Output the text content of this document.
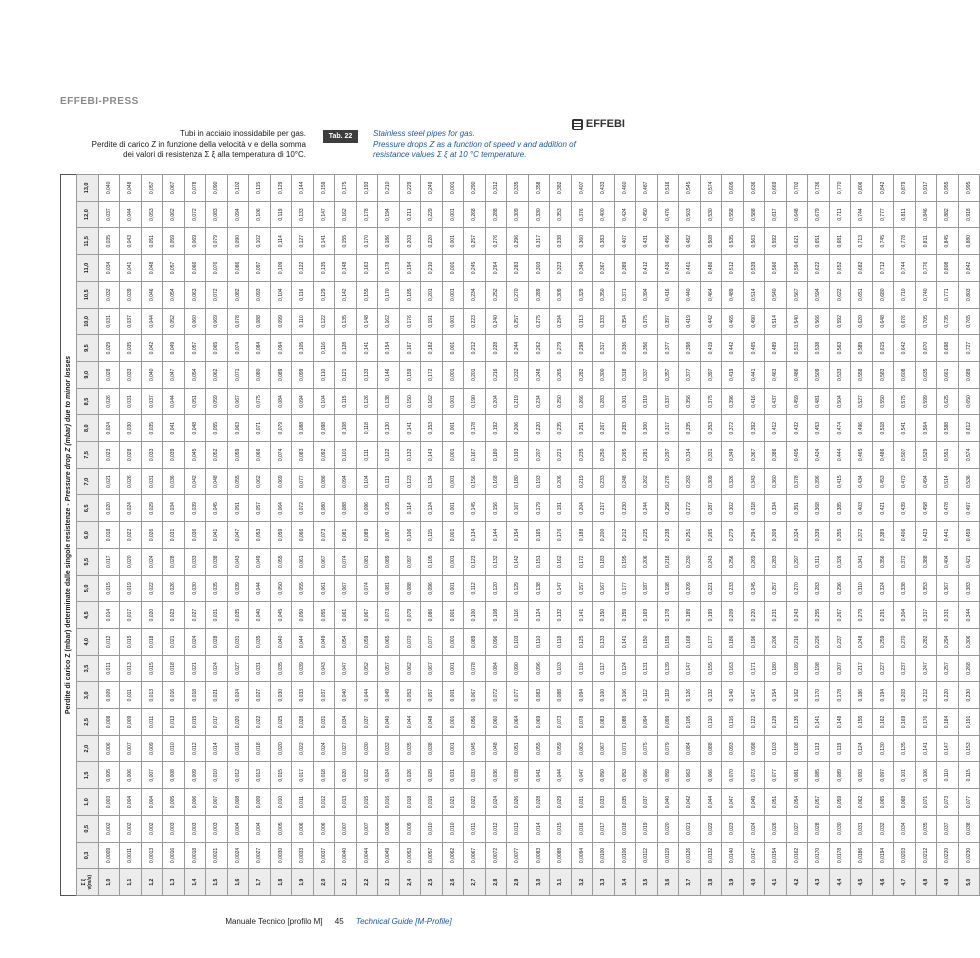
EFFEBI-PRESS
EFFEBI
Tubi in acciaio inossidabile per gas.
Perdite di carico Z in funzione della velocità v e della somma
dei valori di resistenza Σ ξ alla temperatura di 10°C.
Tab. 22	Stainless steel pipes for gas.
Pressure drops Z as a function of speed v and addition of
resistance values Σ ξ at 10 °C temperature.
Perdite di carico Z (mbar) determinate dalle singole resistenze - Pressure drop Z (mbar) due to minor losses
Σ ξ v(m/s)	0,3	0,5	1,0	1,5	2,0	2,5	3,0	3,5	4,0	4,5	5,0	5,5	6,0	6,5	7,0	7,5	8,0	8,5	9,0	9,5	10,0	10,5	11,0	11,5	12,0	13,0
1,0	0,0009	0,002	0,003	0,005	0,006	0,008	0,009	0,011	0,012	0,014	0,015	0,017	0,018	0,020	0,021	0,023	0,024	0,026	0,028	0,029	0,031	0,032	0,034	0,035	0,037	0,040
1,1	0,0011	0,002	0,004	0,006	0,007	0,009	0,011	0,013	0,015	0,017	0,019	0,020	0,022	0,024	0,026	0,028	0,030	0,031	0,033	0,035	0,037	0,039	0,041	0,043	0,044	0,048
1,2	0,0013	0,002	0,004	0,007	0,009	0,011	0,013	0,015	0,018	0,020	0,022	0,024	0,026	0,029	0,031	0,033	0,035	0,037	0,040	0,042	0,044	0,046	0,048	0,051	0,053	0,057
1,3	0,0016	0,003	0,005	0,008	0,010	0,013	0,016	0,018	0,021	0,023	0,026	0,028	0,031	0,034	0,036	0,039	0,041	0,044	0,047	0,049	0,052	0,054	0,057	0,059	0,062	0,067
1,4	0,0018	0,003	0,006	0,009	0,012	0,015	0,018	0,021	0,024	0,027	0,030	0,033	0,036	0,039	0,042	0,045	0,048	0,051	0,054	0,057	0,060	0,063	0,066	0,069	0,072	0,078
1,5	0,0021	0,003	0,007	0,010	0,014	0,017	0,021	0,024	0,028	0,031	0,035	0,038	0,041	0,045	0,048	0,052	0,055	0,059	0,062	0,065	0,069	0,072	0,076	0,079	0,083	0,090
1,6	0,0024	0,004	0,008	0,012	0,016	0,020	0,024	0,027	0,031	0,035	0,039	0,043	0,047	0,051	0,055	0,059	0,063	0,067	0,071	0,074	0,078	0,082	0,086	0,090	0,094	0,102
1,7	0,0027	0,004	0,009	0,013	0,018	0,022	0,027	0,031	0,035	0,040	0,044	0,049	0,053	0,057	0,062	0,066	0,071	0,075	0,080	0,084	0,088	0,093	0,097	0,102	0,106	0,115
1,8	0,0030	0,005	0,010	0,015	0,020	0,025	0,030	0,035	0,040	0,045	0,050	0,055	0,059	0,064	0,069	0,074	0,079	0,084	0,089	0,094	0,099	0,104	0,109	0,114	0,119	0,129
1,9	0,0033	0,006	0,011	0,017	0,022	0,028	0,033	0,039	0,044	0,050	0,055	0,061	0,066	0,072	0,077	0,083	0,088	0,094	0,099	0,105	0,110	0,116	0,122	0,127	0,133	0,144
2,0	0,0037	0,006	0,012	0,018	0,024	0,031	0,037	0,043	0,049	0,055	0,061	0,067	0,073	0,080	0,086	0,092	0,098	0,104	0,110	0,116	0,122	0,129	0,135	0,141	0,147	0,159
2,1	0,0040	0,007	0,013	0,020	0,027	0,034	0,040	0,047	0,054	0,061	0,067	0,074	0,081	0,088	0,094	0,101	0,108	0,115	0,121	0,128	0,135	0,142	0,148	0,155	0,162	0,175
2,2	0,0044	0,007	0,015	0,022	0,030	0,037	0,044	0,052	0,059	0,067	0,074	0,081	0,089	0,096	0,104	0,111	0,118	0,126	0,133	0,141	0,148	0,155	0,163	0,170	0,178	0,193
2,3	0,0049	0,008	0,016	0,024	0,032	0,040	0,049	0,057	0,065	0,073	0,081	0,089	0,097	0,105	0,113	0,122	0,130	0,138	0,146	0,154	0,162	0,170	0,178	0,186	0,194	0,210
2,4	0,0053	0,009	0,018	0,026	0,035	0,044	0,053	0,062	0,070	0,079	0,088	0,097	0,106	0,114	0,123	0,132	0,141	0,150	0,159	0,167	0,176	0,185	0,194	0,203	0,211	0,229
2,5	0,0057	0,010	0,019	0,029	0,038	0,048	0,057	0,067	0,077	0,086	0,096	0,105	0,115	0,124	0,134	0,143	0,153	0,162	0,172	0,182	0,191	0,201	0,210	0,220	0,229	0,249
2,6	0,0062	0,010	0,021	0,031	0,001	0,001	0,001	0,001	0,001	0,001	0,001	0,001	0,001	0,001	0,001	0,001	0,001	0,001	0,001	0,001	0,001	0,001	0,001	0,001	0,001	0,001
2,7	0,0067	0,011	0,022	0,033	0,045	0,056	0,067	0,078	0,089	0,100	0,112	0,123	0,134	0,145	0,156	0,167	0,178	0,190	0,201	0,212	0,223	0,234	0,245	0,257	0,268	0,290
2,8	0,0072	0,012	0,024	0,036	0,048	0,060	0,072	0,084	0,096	0,108	0,120	0,132	0,144	0,156	0,168	0,180	0,192	0,204	0,216	0,228	0,240	0,252	0,264	0,276	0,288	0,312
2,9	0,0077	0,013	0,026	0,039	0,051	0,064	0,077	0,090	0,103	0,116	0,129	0,142	0,154	0,167	0,180	0,193	0,206	0,219	0,232	0,244	0,257	0,270	0,283	0,296	0,309	0,335
3,0	0,0083	0,014	0,028	0,041	0,055	0,069	0,083	0,096	0,110	0,124	0,138	0,151	0,165	0,179	0,193	0,207	0,220	0,234	0,248	0,262	0,275	0,289	0,303	0,317	0,330	0,358
3,1	0,0088	0,015	0,029	0,044	0,059	0,073	0,088	0,103	0,118	0,132	0,147	0,162	0,176	0,191	0,206	0,221	0,235	0,250	0,265	0,279	0,294	0,309	0,323	0,338	0,353	0,382
3,2	0,0094	0,016	0,031	0,047	0,063	0,078	0,094	0,110	0,125	0,141	0,157	0,172	0,188	0,204	0,219	0,235	0,251	0,266	0,282	0,298	0,313	0,329	0,345	0,360	0,376	0,407
3,3	0,0100	0,017	0,033	0,050	0,067	0,083	0,100	0,117	0,133	0,150	0,167	0,183	0,200	0,217	0,233	0,250	0,267	0,283	0,300	0,317	0,333	0,350	0,367	0,383	0,400	0,433
3,4	0,0106	0,018	0,035	0,053	0,071	0,088	0,106	0,124	0,141	0,159	0,177	0,195	0,212	0,230	0,248	0,265	0,283	0,301	0,318	0,336	0,354	0,371	0,389	0,407	0,424	0,460
3,5	0,0112	0,019	0,037	0,056	0,075	0,094	0,112	0,131	0,150	0,169	0,187	0,206	0,225	0,244	0,262	0,281	0,300	0,319	0,337	0,356	0,375	0,394	0,412	0,431	0,450	0,487
3,6	0,0119	0,020	0,040	0,059	0,079	0,099	0,119	0,139	0,159	0,178	0,198	0,218	0,238	0,258	0,278	0,297	0,317	0,337	0,357	0,377	0,397	0,416	0,436	0,456	0,476	0,516
3,7	0,0126	0,021	0,042	0,063	0,084	0,105	0,126	0,147	0,168	0,189	0,209	0,230	0,251	0,272	0,293	0,314	0,335	0,356	0,377	0,398	0,419	0,440	0,461	0,482	0,503	0,545
3,8	0,0132	0,022	0,044	0,066	0,088	0,110	0,132	0,155	0,177	0,199	0,221	0,243	0,265	0,287	0,309	0,331	0,353	0,375	0,397	0,419	0,442	0,464	0,486	0,508	0,530	0,574
3,9	0,0140	0,023	0,047	0,070	0,093	0,116	0,140	0,163	0,186	0,209	0,233	0,256	0,279	0,302	0,326	0,349	0,372	0,396	0,419	0,442	0,465	0,489	0,512	0,535	0,558	0,605
4,0	0,0147	0,024	0,049	0,073	0,098	0,122	0,147	0,171	0,196	0,220	0,245	0,269	0,294	0,318	0,343	0,367	0,392	0,416	0,441	0,465	0,490	0,514	0,539	0,563	0,588	0,636
4,1	0,0154	0,026	0,051	0,077	0,103	0,129	0,154	0,180	0,206	0,231	0,257	0,283	0,309	0,334	0,360	0,386	0,412	0,437	0,463	0,489	0,514	0,540	0,566	0,592	0,617	0,669
4,2	0,0162	0,027	0,054	0,081	0,108	0,135	0,162	0,189	0,216	0,243	0,270	0,297	0,324	0,351	0,378	0,405	0,432	0,459	0,486	0,513	0,540	0,567	0,594	0,621	0,648	0,702
4,3	0,0170	0,028	0,057	0,085	0,113	0,141	0,170	0,198	0,226	0,255	0,283	0,311	0,339	0,368	0,396	0,424	0,453	0,481	0,509	0,538	0,566	0,594	0,622	0,651	0,679	0,736
4,4	0,0178	0,030	0,059	0,089	0,119	0,148	0,178	0,207	0,237	0,267	0,296	0,326	0,355	0,385	0,415	0,444	0,474	0,504	0,533	0,563	0,592	0,622	0,652	0,681	0,711	0,770
4,5	0,0186	0,031	0,062	0,093	0,124	0,155	0,186	0,217	0,248	0,279	0,310	0,341	0,372	0,403	0,434	0,465	0,496	0,527	0,558	0,589	0,620	0,651	0,682	0,713	0,744	0,806
4,6	0,0194	0,032	0,065	0,097	0,130	0,162	0,194	0,227	0,259	0,291	0,324	0,356	0,389	0,421	0,453	0,486	0,518	0,550	0,583	0,615	0,648	0,680	0,712	0,745	0,777	0,842
4,7	0,0203	0,034	0,068	0,101	0,135	0,169	0,203	0,237	0,270	0,304	0,338	0,372	0,406	0,439	0,473	0,507	0,541	0,575	0,608	0,642	0,676	0,710	0,744	0,778	0,811	0,879
4,8	0,0212	0,035	0,071	0,106	0,141	0,176	0,212	0,247	0,282	0,317	0,353	0,388	0,423	0,458	0,494	0,529	0,564	0,599	0,635	0,670	0,705	0,740	0,776	0,811	0,846	0,917
4,9	0,0220	0,037	0,073	0,110	0,147	0,184	0,220	0,257	0,294	0,331	0,367	0,404	0,441	0,478	0,514	0,551	0,588	0,625	0,661	0,698	0,735	0,771	0,808	0,845	0,882	0,955
5,0	0,0230	0,038	0,077	0,115	0,153	0,191	0,230	0,268	0,306	0,344	0,383	0,421	0,459	0,497	0,536	0,574	0,612	0,650	0,689	0,727	0,765	0,803	0,842	0,880	0,918	0,995
Manuale Tecnico [profilo M] 45 Technical Guide [M-Profile]
